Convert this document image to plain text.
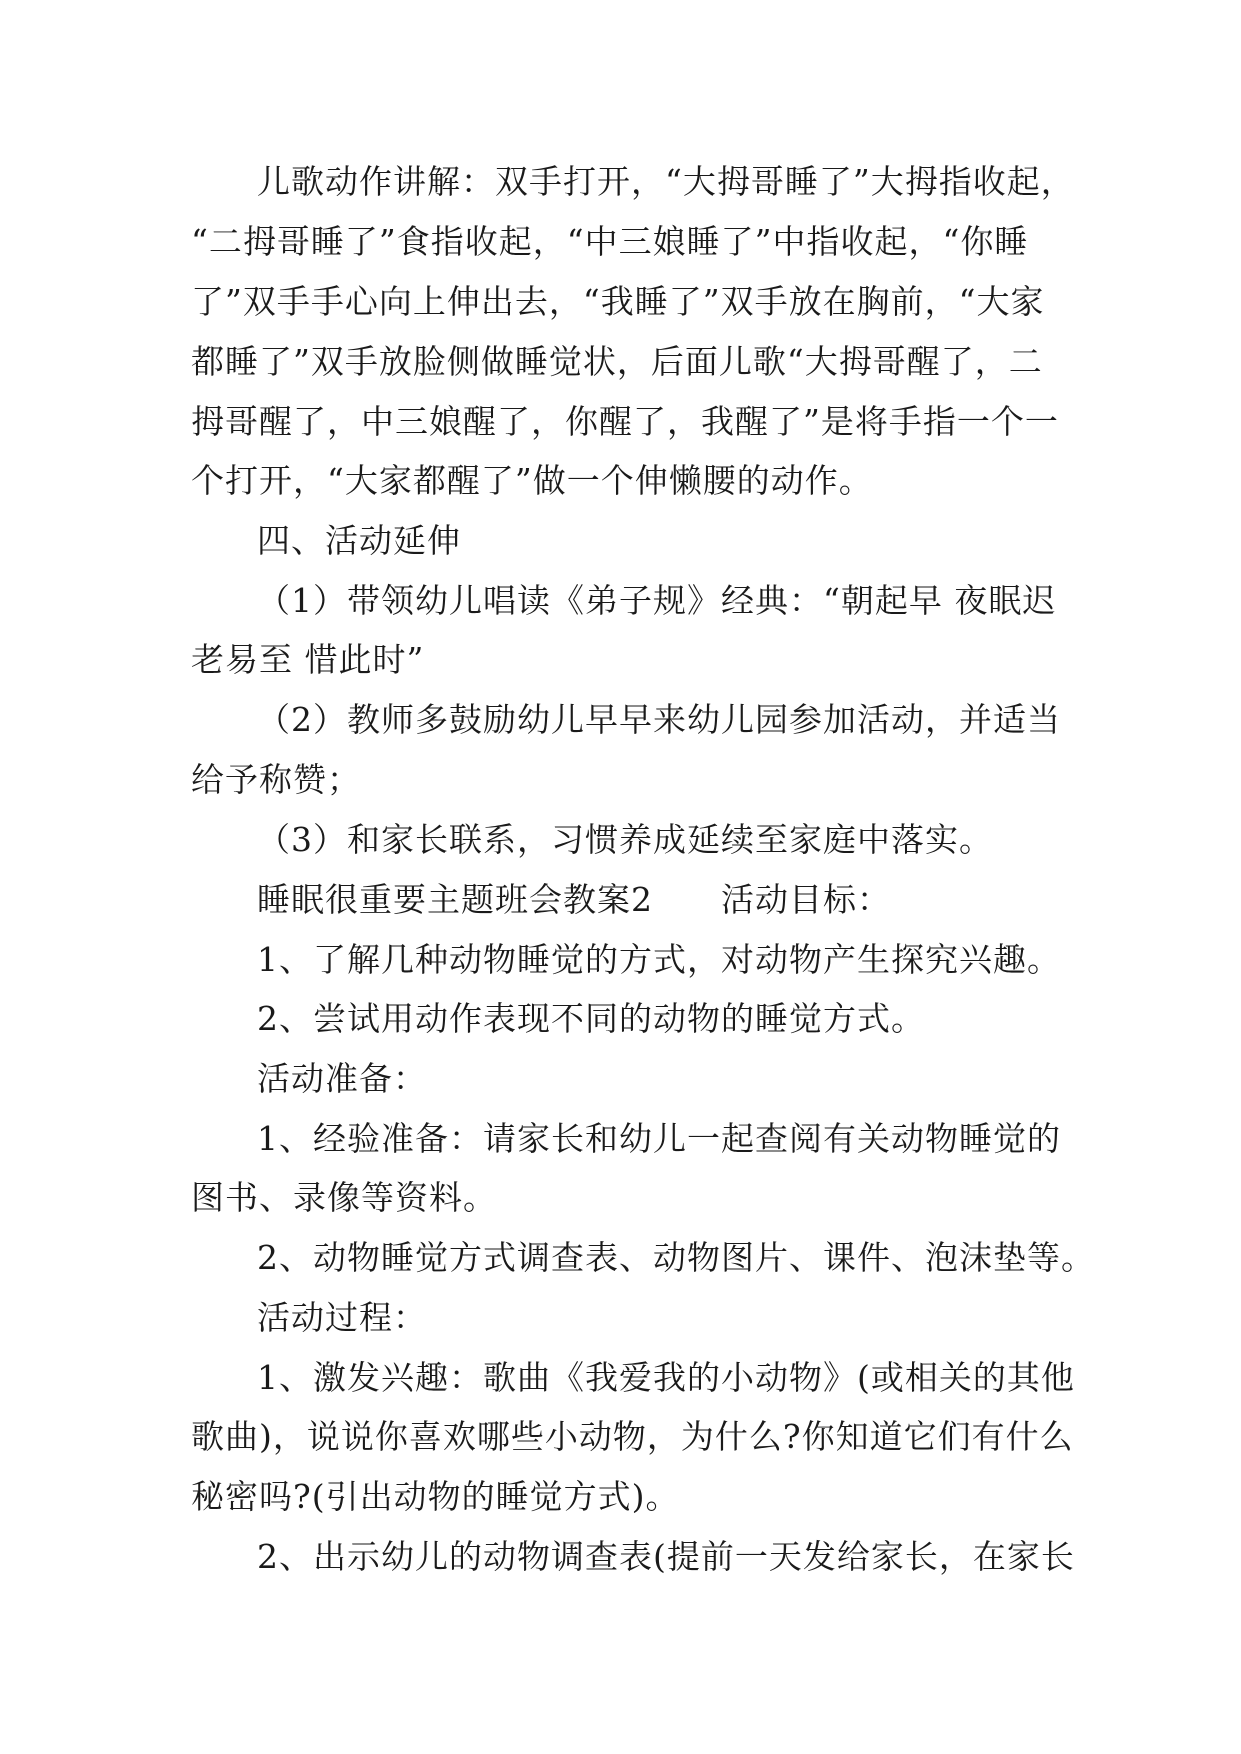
儿歌动作讲解：双手打开，“大拇哥睡了”大拇指收起，
“二拇哥睡了”食指收起，“中三娘睡了”中指收起，“你睡
了”双手手心向上伸出去，“我睡了”双手放在胸前，“大家
都睡了”双手放脸侧做睡觉状，后面儿歌“大拇哥醒了，二
拇哥醒了，中三娘醒了，你醒了，我醒了”是将手指一个一
个打开，“大家都醒了”做一个伸懒腰的动作。
四、活动延伸
（1）带领幼儿唱读《弟子规》经典：“朝起早 夜眠迟
老易至 惜此时”
（2）教师多鼓励幼儿早早来幼儿园参加活动，并适当
给予称赞；
（3）和家长联系，习惯养成延续至家庭中落实。
睡眠很重要主题班会教案2　　活动目标：
1、了解几种动物睡觉的方式，对动物产生探究兴趣。
2、尝试用动作表现不同的动物的睡觉方式。
活动准备：
1、经验准备：请家长和幼儿一起查阅有关动物睡觉的
图书、录像等资料。
2、动物睡觉方式调查表、动物图片、课件、泡沫垫等。
活动过程：
1、激发兴趣：歌曲《我爱我的小动物》(或相关的其他
歌曲)，说说你喜欢哪些小动物，为什么?你知道它们有什么
秘密吗?(引出动物的睡觉方式)。
2、出示幼儿的动物调查表(提前一天发给家长，在家长
